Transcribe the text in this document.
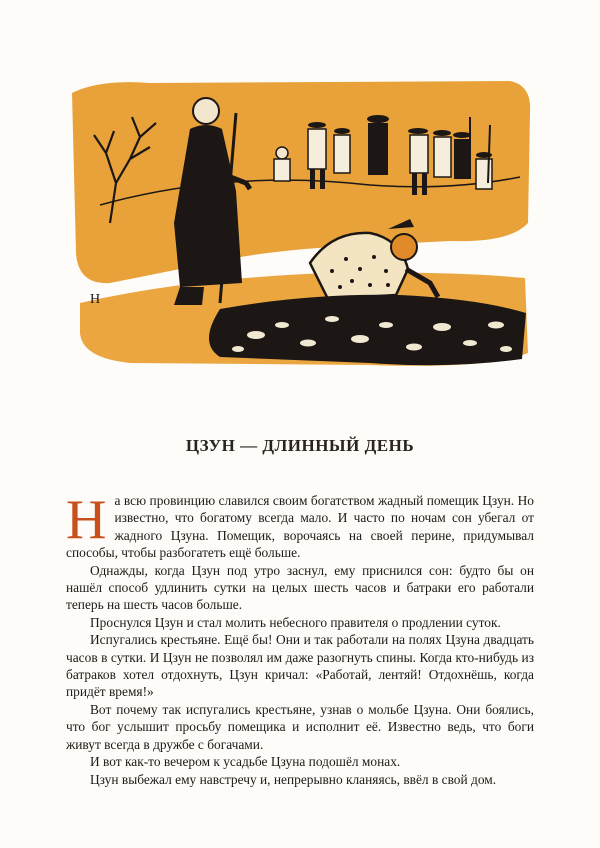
Н
ЦЗУН — ДЛИННЫЙ ДЕНЬ

На всю провинцию славился своим богатством жадный помещик Цзун. Но известно, что богатому всегда мало. И часто по ночам сон убегал от жадного Цзуна. Помещик, ворочаясь на своей перине, придумывал способы, чтобы разбогатеть ещё больше.

Однажды, когда Цзун под утро заснул, ему приснился сон: будто бы он нашёл способ удлинить сутки на целых шесть часов и батраки его работали теперь на шесть часов больше.

Проснулся Цзун и стал молить небесного правителя о продлении суток.

Испугались крестьяне. Ещё бы! Они и так работали на полях Цзуна двадцать часов в сутки. И Цзун не позволял им даже разогнуть спины. Когда кто-нибудь из батраков хотел отдохнуть, Цзун кричал: «Работай, лентяй! Отдохнёшь, когда придёт время!»

Вот почему так испугались крестьяне, узнав о мольбе Цзуна. Они боялись, что бог услышит просьбу помещика и исполнит её. Известно ведь, что боги живут всегда в дружбе с богачами.

И вот как-то вечером к усадьбе Цзуна подошёл монах.

Цзун выбежал ему навстречу и, непрерывно кланяясь, ввёл в свой дом.
